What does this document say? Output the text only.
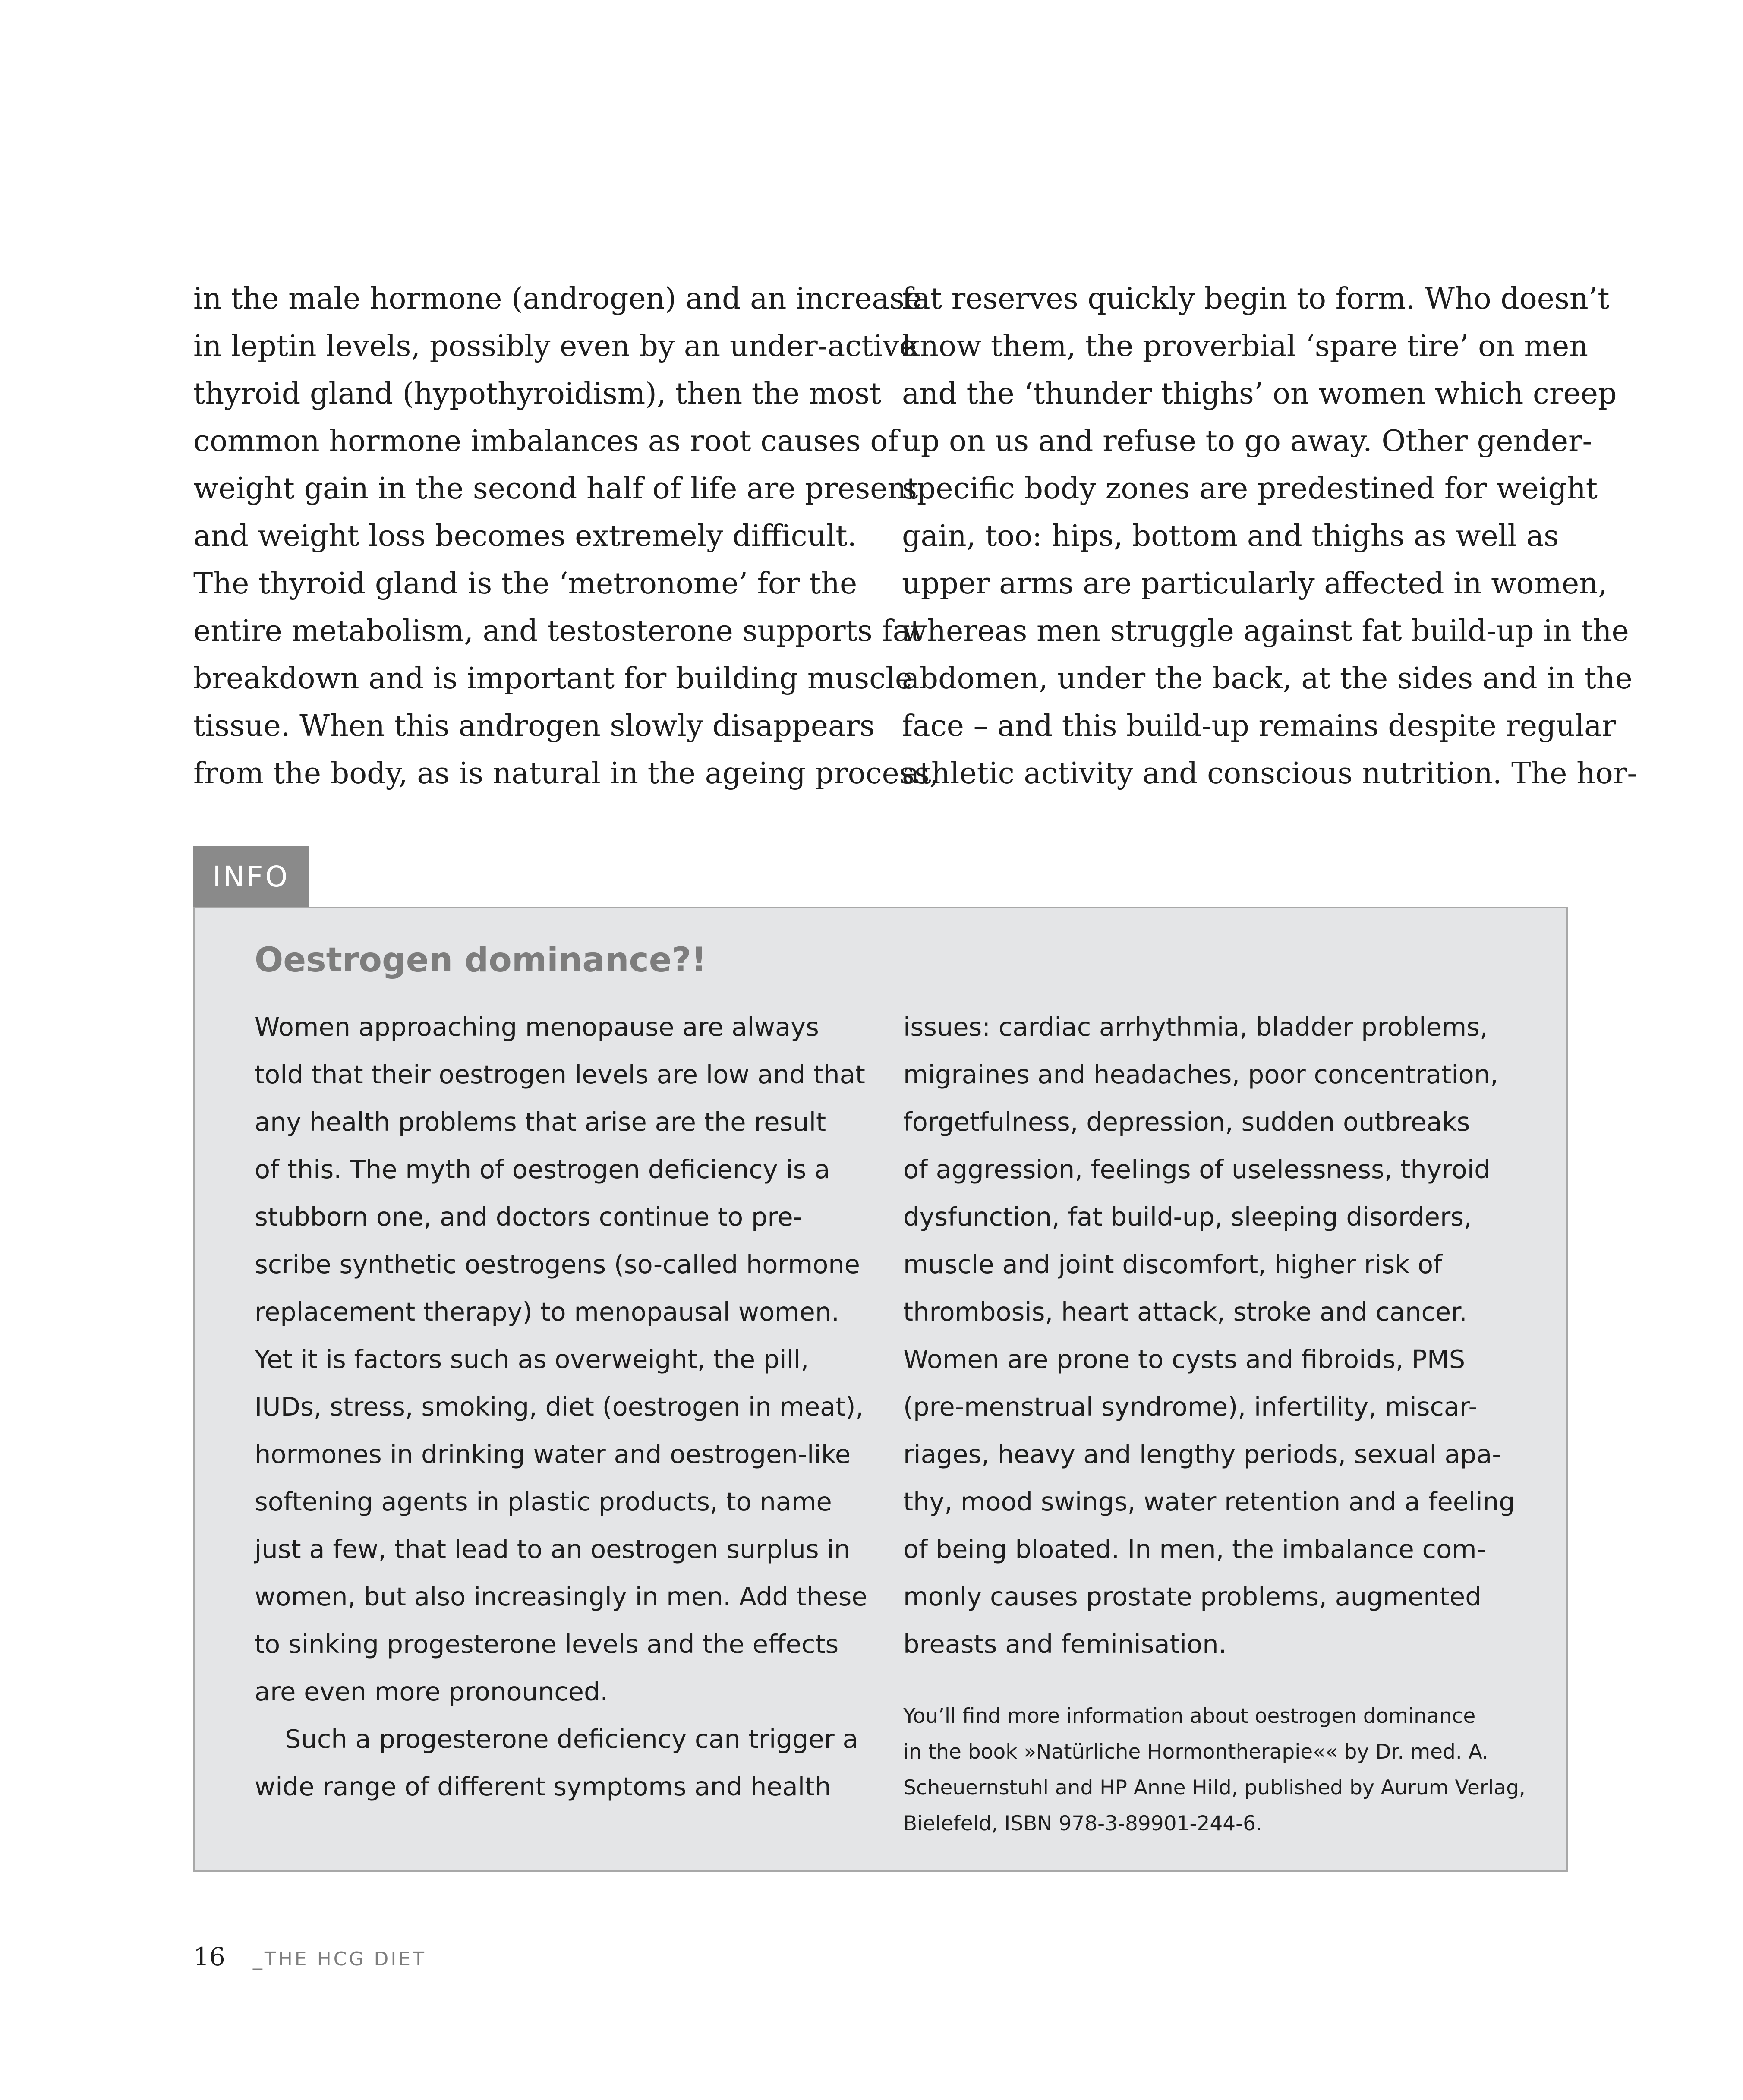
in the male hormone (androgen) and an increase
in leptin levels, possibly even by an under-active
thyroid gland (hypothyroidism), then the most
common hormone imbalances as root causes of
weight gain in the second half of life are present
and weight loss becomes extremely difficult.
The thyroid gland is the ‘metronome’ for the
entire metabolism, and testosterone supports fat
breakdown and is important for building muscle
tissue. When this androgen slowly disappears
from the body, as is natural in the ageing process,
fat reserves quickly begin to form. Who doesn’t
know them, the proverbial ‘spare tire’ on men
and the ‘thunder thighs’ on women which creep
up on us and refuse to go away. Other gender-
specific body zones are predestined for weight
gain, too: hips, bottom and thighs as well as
upper arms are particularly affected in women,
whereas men struggle against fat build-up in the
abdomen, under the back, at the sides and in the
face – and this build-up remains despite regular
athletic activity and conscious nutrition. The hor-
INFO
Oestrogen dominance?!
Women approaching menopause are always
told that their oestrogen levels are low and that
any health problems that arise are the result
of this. The myth of oestrogen deficiency is a
stubborn one, and doctors continue to pre-
scribe synthetic oestrogens (so-called hormone
replacement therapy) to menopausal women.
Yet it is factors such as overweight, the pill,
IUDs, stress, smoking, diet (oestrogen in meat),
hormones in drinking water and oestrogen-like
softening agents in plastic products, to name
just a few, that lead to an oestrogen surplus in
women, but also increasingly in men. Add these
to sinking progesterone levels and the effects
are even more pronounced.
Such a progesterone deficiency can trigger a
wide range of different symptoms and health
issues: cardiac arrhythmia, bladder problems,
migraines and headaches, poor concentration,
forgetfulness, depression, sudden outbreaks
of aggression, feelings of uselessness, thyroid
dysfunction, fat build-up, sleeping disorders,
muscle and joint discomfort, higher risk of
thrombosis, heart attack, stroke and cancer.
Women are prone to cysts and fibroids, PMS
(pre-menstrual syndrome), infertility, miscar-
riages, heavy and lengthy periods, sexual apa-
thy, mood swings, water retention and a feeling
of being bloated. In men, the imbalance com-
monly causes prostate problems, augmented
breasts and feminisation.
You’ll find more information about oestrogen dominance
in the book »Natürliche Hormontherapie«« by Dr. med. A.
Scheuernstuhl and HP Anne Hild, published by Aurum Verlag,
Bielefeld, ISBN 978-3-89901-244-6.
16 _THE HCG DIET
